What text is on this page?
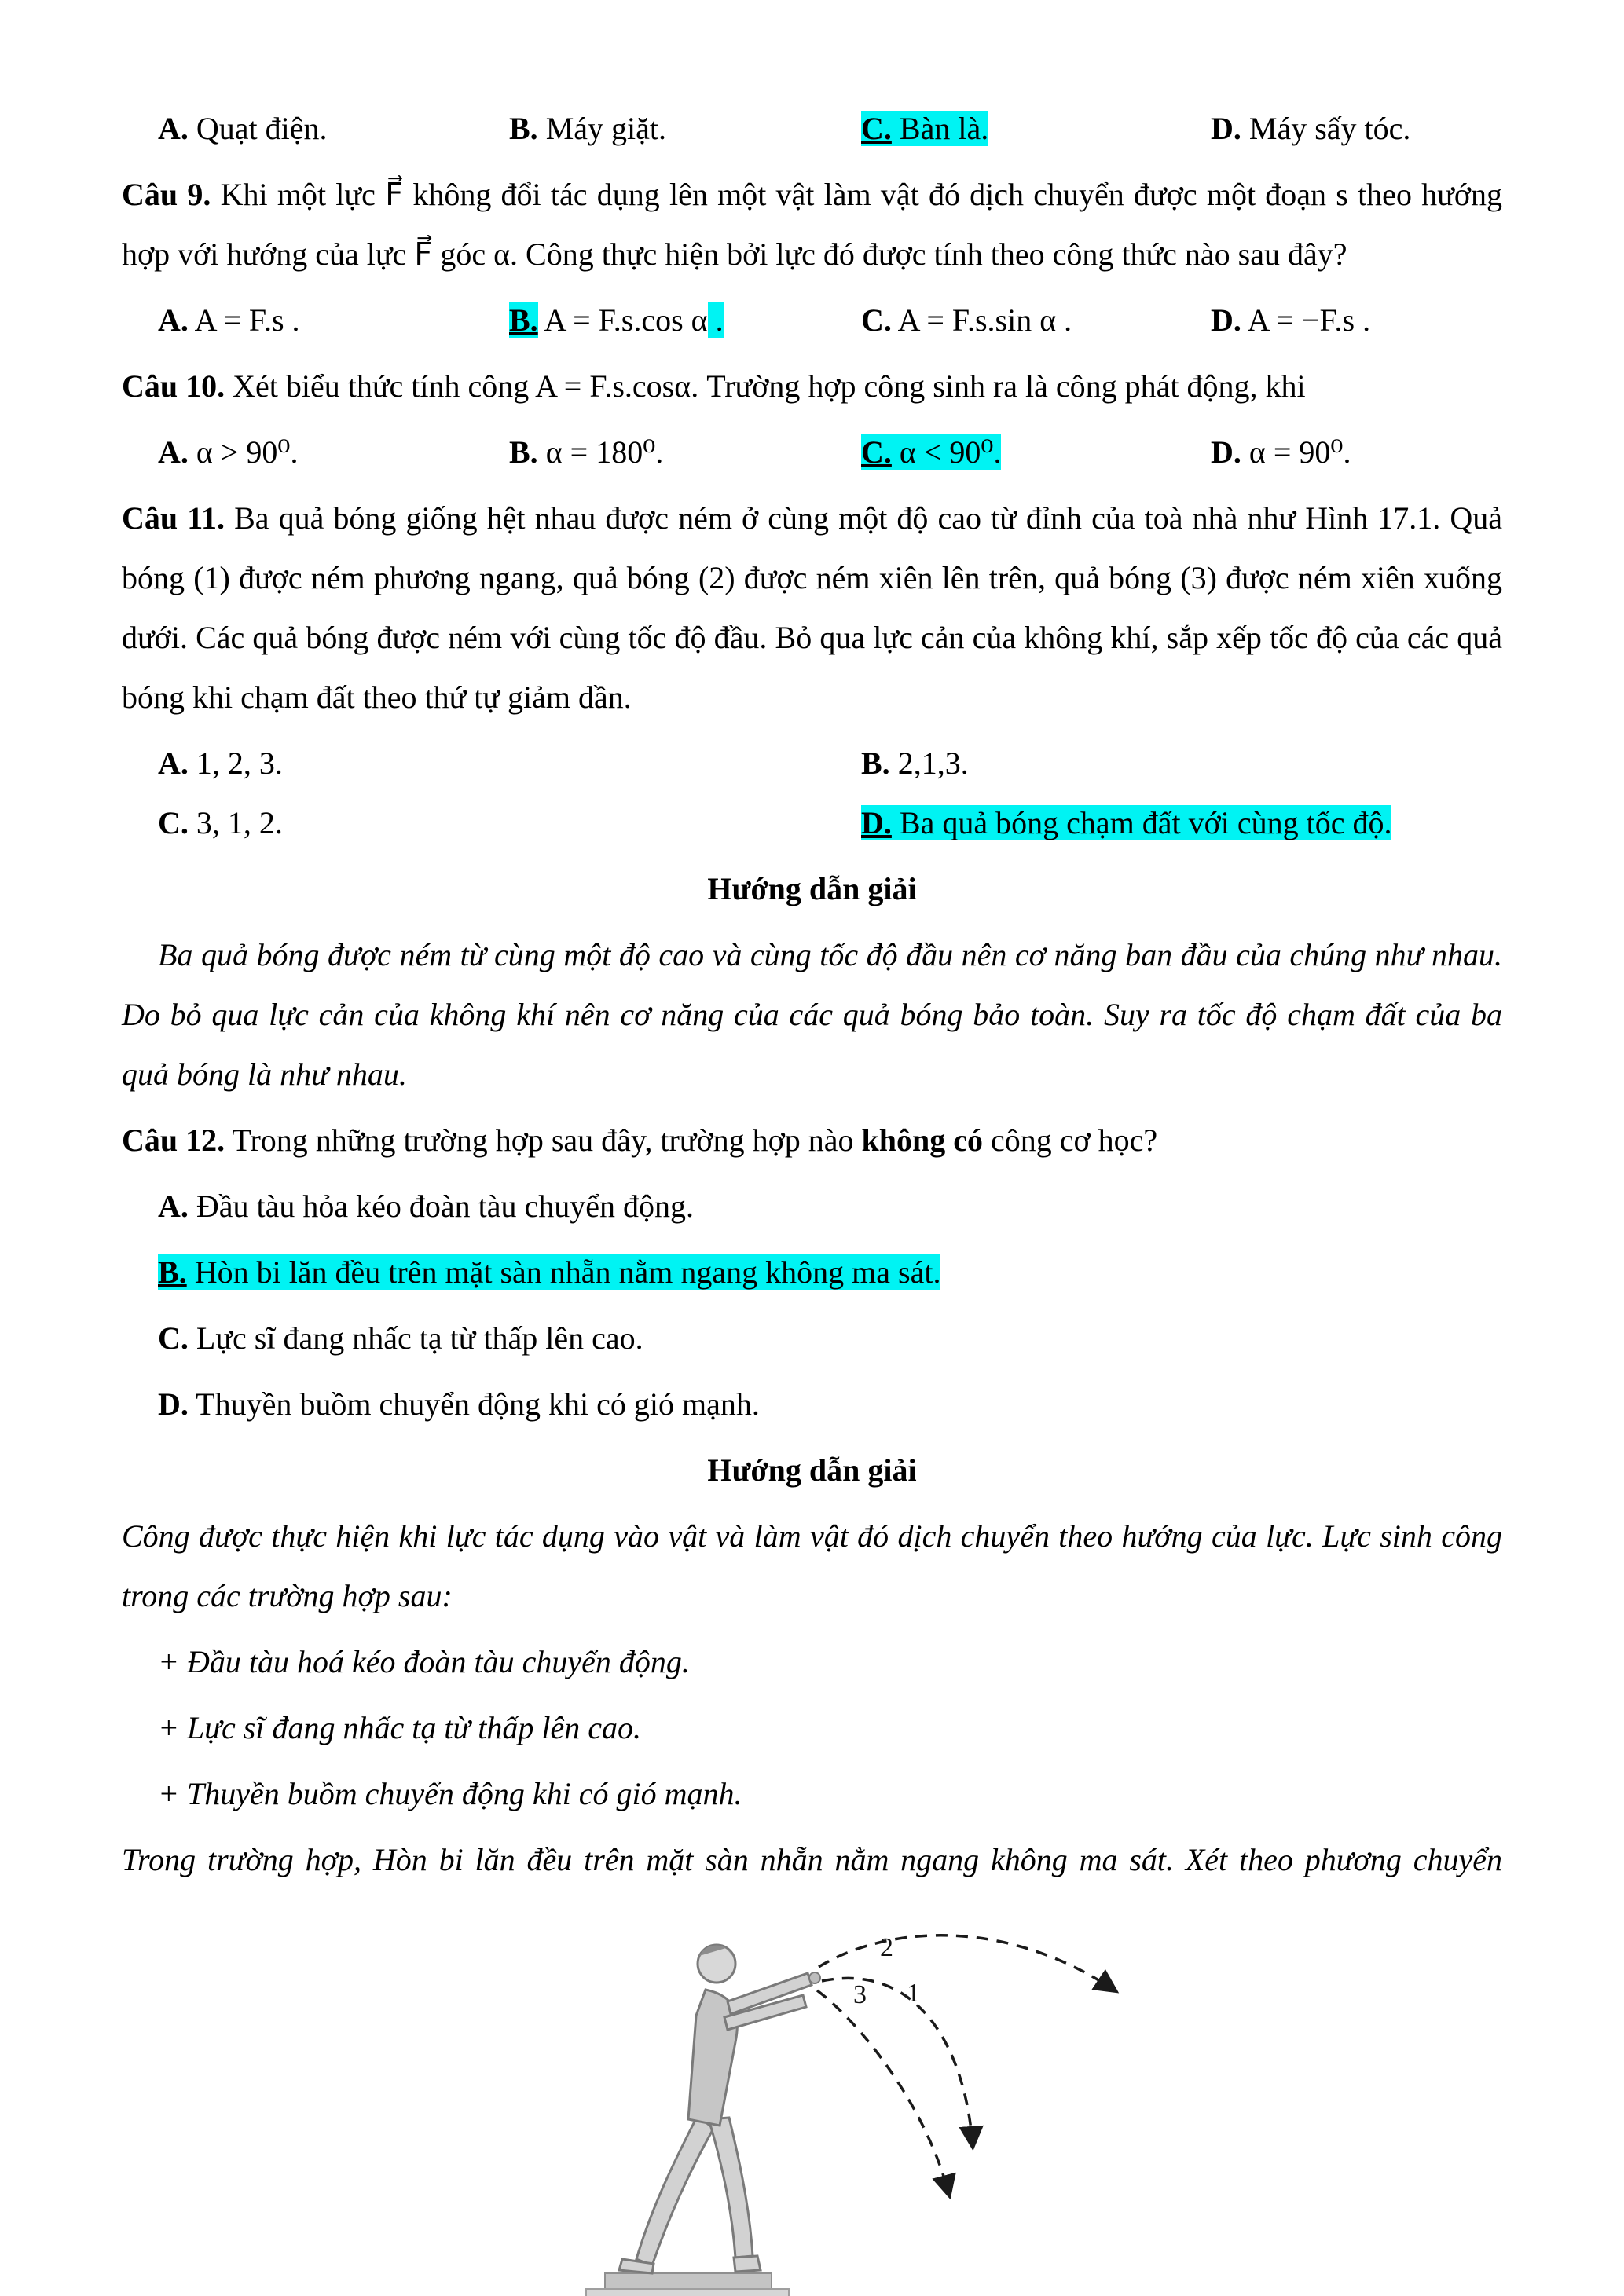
A. Quạt điện.	B. Máy giặt.	C. Bàn là.	D. Máy sấy tóc.

Câu 9. Khi một lực F⃗ không đổi tác dụng lên một vật làm vật đó dịch chuyển được một đoạn s theo hướng hợp với hướng của lực F⃗ góc α. Công thực hiện bởi lực đó được tính theo công thức nào sau đây?

A. A = F.s .	B. A = F.s.cos α .	C. A = F.s.sin α .	D. A = −F.s .

Câu 10. Xét biểu thức tính công A = F.s.cosα. Trường hợp công sinh ra là công phát động, khi

A. α > 90⁰.	B. α = 180⁰.	C. α < 90⁰.	D. α = 90⁰.

Câu 11. Ba quả bóng giống hệt nhau được ném ở cùng một độ cao từ đỉnh của toà nhà như Hình 17.1. Quả bóng (1) được ném phương ngang, quả bóng (2) được ném xiên lên trên, quả bóng (3) được ném xiên xuống dưới. Các quả bóng được ném với cùng tốc độ đầu. Bỏ qua lực cản của không khí, sắp xếp tốc độ của các quả bóng khi chạm đất theo thứ tự giảm dần.

A. 1, 2, 3.	B. 2,1,3.
C. 3, 1, 2.	D. Ba quả bóng chạm đất với cùng tốc độ.

Hướng dẫn giải

Ba quả bóng được ném từ cùng một độ cao và cùng tốc độ đầu nên cơ năng ban đầu của chúng như nhau. Do bỏ qua lực cản của không khí nên cơ năng của các quả bóng bảo toàn. Suy ra tốc độ chạm đất của ba quả bóng là như nhau.

Câu 12. Trong những trường hợp sau đây, trường hợp nào không có công cơ học?

A. Đầu tàu hỏa kéo đoàn tàu chuyển động.

B. Hòn bi lăn đều trên mặt sàn nhẵn nằm ngang không ma sát.

C. Lực sĩ đang nhấc tạ từ thấp lên cao.

D. Thuyền buồm chuyển động khi có gió mạnh.

Hướng dẫn giải

Công được thực hiện khi lực tác dụng vào vật và làm vật đó dịch chuyển theo hướng của lực. Lực sinh công trong các trường hợp sau:

+ Đầu tàu hoá kéo đoàn tàu chuyển động.

+ Lực sĩ đang nhấc tạ từ thấp lên cao.

+ Thuyền buồm chuyển động khi có gió mạnh.

Trong trường hợp, Hòn bi lăn đều trên mặt sàn nhẵn nằm ngang không ma sát. Xét theo phương chuyển

2
1
3
